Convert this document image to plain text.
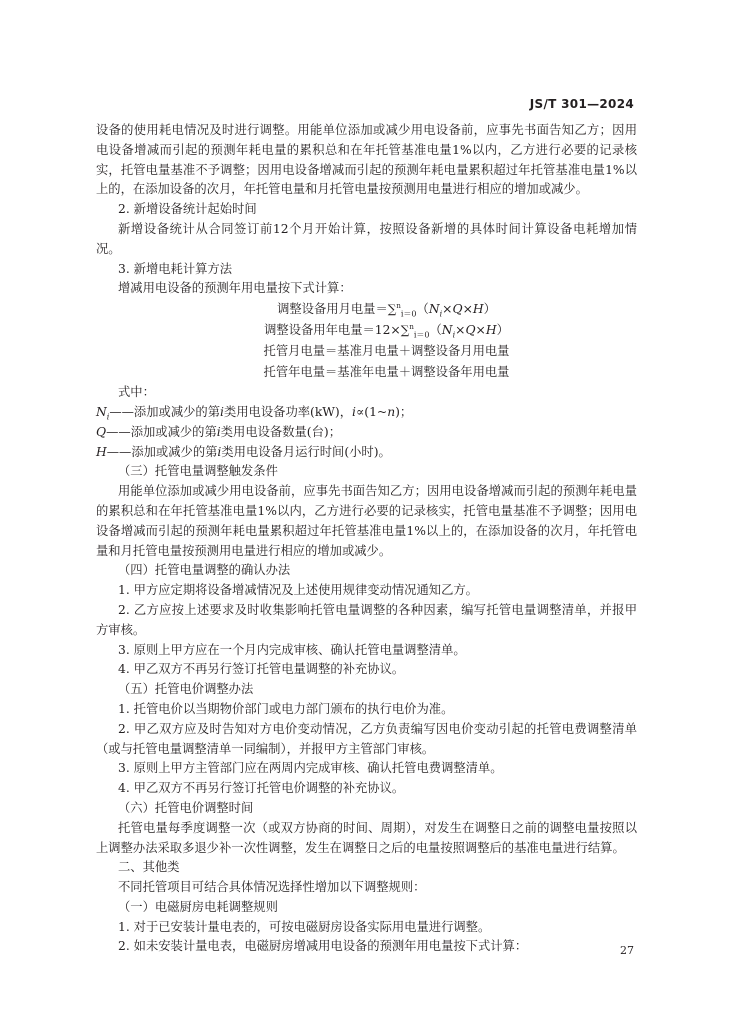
JS/T 301—2024

设备的使用耗电情况及时进行调整。用能单位添加或减少用电设备前，应事先书面告知乙方；因用电设备增减而引起的预测年耗电量的累积总和在年托管基准电量1%以内，乙方进行必要的记录核实，托管电量基准不予调整；因用电设备增减而引起的预测年耗电量累积超过年托管基准电量1%以上的，在添加设备的次月，年托管电量和月托管电量按预测用电量进行相应的增加或减少。

2. 新增设备统计起始时间

新增设备统计从合同签订前12个月开始计算，按照设备新增的具体时间计算设备电耗增加情况。

3. 新增电耗计算方法

增减用电设备的预测年用电量按下式计算：

调整设备用月电量$=\sum^n_{i=0}(N_i\times Q\times H)$

调整设备用年电量$=12\times\sum^n_{i=0}(N_i\times Q\times H)$

托管月电量＝基准月电量＋调整设备月用电量

托管年电量＝基准年电量＋调整设备年用电量

式中：

$N_i——$添加或减少的第i类用电设备功率(kW)，i∝(1~n)；

Q——添加或减少的第i类用电设备数量(台)；

H——添加或减少的第i类用电设备月运行时间(小时)。

（三）托管电量调整触发条件

用能单位添加或减少用电设备前，应事先书面告知乙方；因用电设备增减而引起的预测年耗电量的累积总和在年托管基准电量1%以内，乙方进行必要的记录核实，托管电量基准不予调整；因用电设备增减而引起的预测年耗电量累积超过年托管基准电量1%以上的，在添加设备的次月，年托管电量和月托管电量按预测用电量进行相应的增加或减少。

（四）托管电量调整的确认办法

1. 甲方应定期将设备增减情况及上述使用规律变动情况通知乙方。

2. 乙方应按上述要求及时收集影响托管电量调整的各种因素，编写托管电量调整清单，并报甲方审核。

3. 原则上甲方应在一个月内完成审核、确认托管电量调整清单。

4. 甲乙双方不再另行签订托管电量调整的补充协议。

（五）托管电价调整办法

1. 托管电价以当期物价部门或电力部门颁布的执行电价为准。

2. 甲乙双方应及时告知对方电价变动情况，乙方负责编写因电价变动引起的托管电费调整清单（或与托管电量调整清单一同编制），并报甲方主管部门审核。

3. 原则上甲方主管部门应在两周内完成审核、确认托管电费调整清单。

4. 甲乙双方不再另行签订托管电价调整的补充协议。

（六）托管电价调整时间

托管电量每季度调整一次（或双方协商的时间、周期），对发生在调整日之前的调整电量按照以上调整办法采取多退少补一次性调整，发生在调整日之后的电量按照调整后的基准电量进行结算。

二、其他类

不同托管项目可结合具体情况选择性增加以下调整规则：

（一）电磁厨房电耗调整规则

1. 对于已安装计量电表的，可按电磁厨房设备实际用电量进行调整。

2. 如未安装计量电表，电磁厨房增减用电设备的预测年用电量按下式计算：	27
